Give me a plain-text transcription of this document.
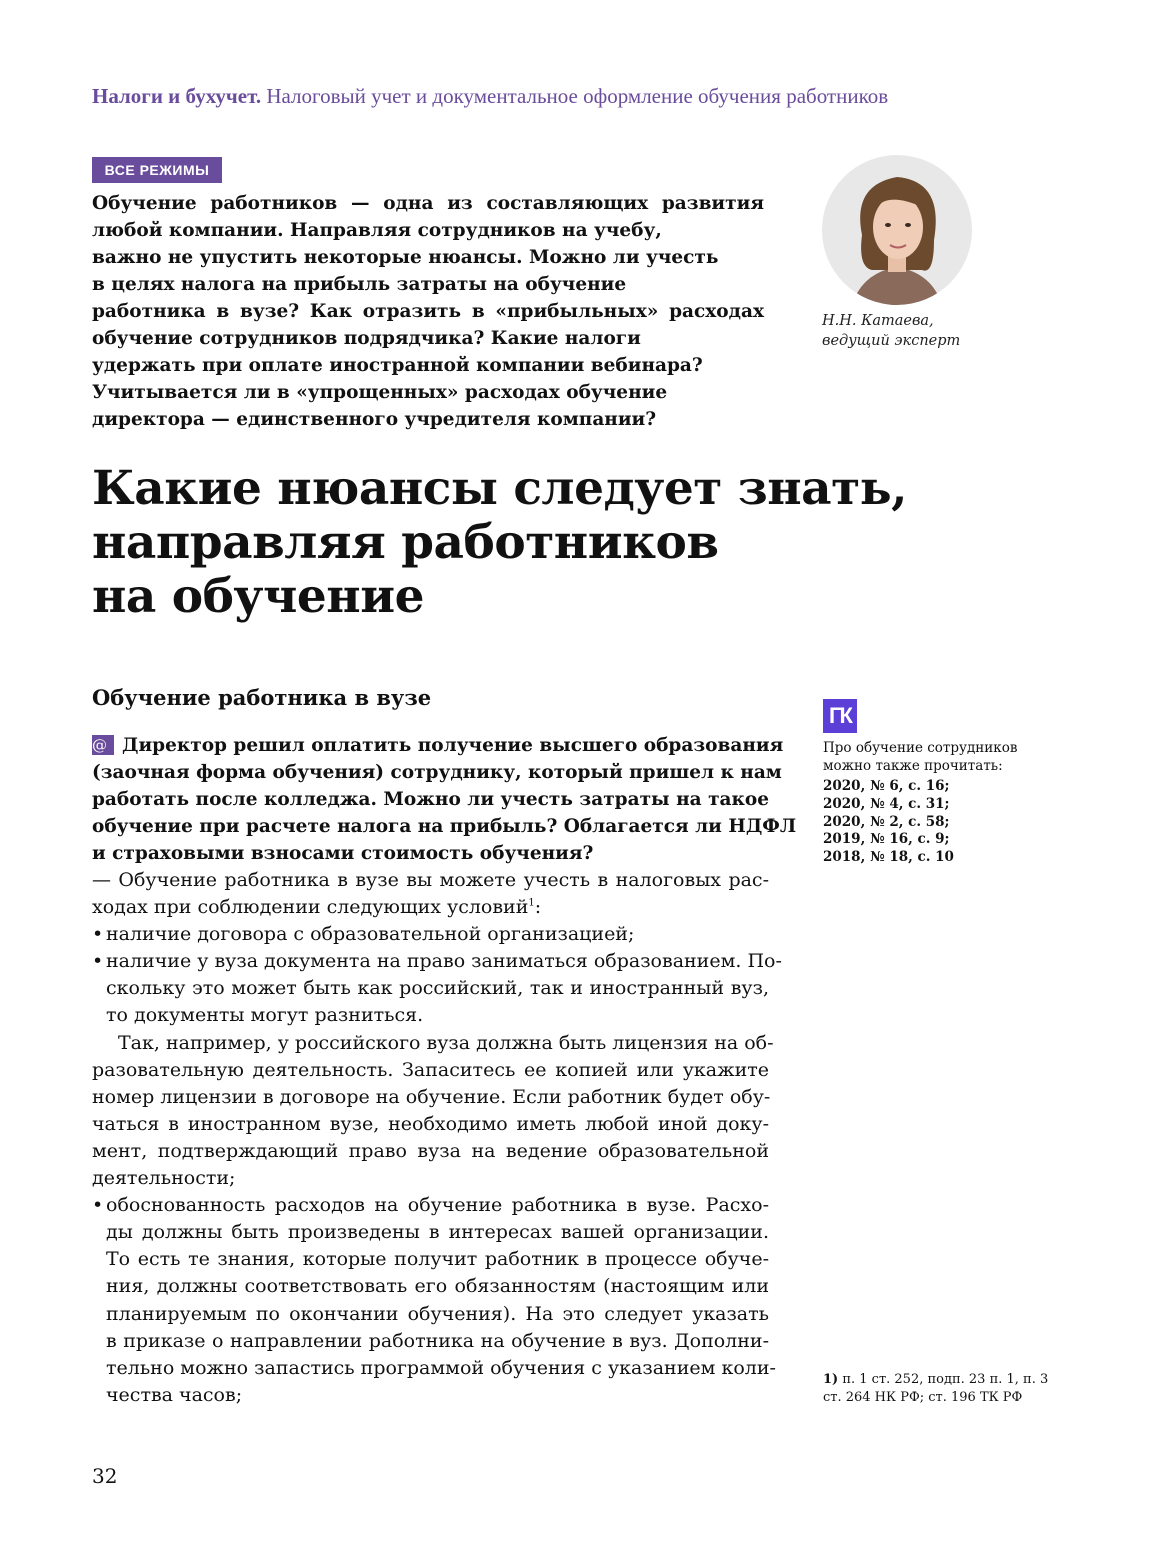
Налоги и бухучет. Налоговый учет и документальное оформление обучения работников
ВСЕ РЕЖИМЫ
Обучение работников — одна из составляющих развития
любой компании. Направляя сотрудников на учебу,
важно не упустить некоторые нюансы. Можно ли учесть
в целях налога на прибыль затраты на обучение
работника в вузе? Как отразить в «прибыльных» расходах
обучение сотрудников подрядчика? Какие налоги
удержать при оплате иностранной компании вебинара?
Учитывается ли в «упрощенных» расходах обучение
директора — единственного учредителя компании?
Н.Н. Катаева,
ведущий эксперт
Какие нюансы следует знать,
направляя работников
на обучение
Обучение работника в вузе
@ Директор решил оплатить получение высшего образования
(заочная форма обучения) сотруднику, который пришел к нам
работать после колледжа. Можно ли учесть затраты на такое
обучение при расчете налога на прибыль? Облагается ли НДФЛ
и страховыми взносами стоимость обучения?
— Обучение работника в вузе вы можете учесть в налоговых рас-
ходах при соблюдении следующих условий$^1$:
• наличие договора с образовательной организацией;
• наличие у вуза документа на право заниматься образованием. По-
скольку это может быть как российский, так и иностранный вуз,
то документы могут разниться.
Так, например, у российского вуза должна быть лицензия на об-
разовательную деятельность. Запаситесь ее копией или укажите
номер лицензии в договоре на обучение. Если работник будет обу-
чаться в иностранном вузе, необходимо иметь любой иной доку-
мент, подтверждающий право вуза на ведение образовательной
деятельности;
• обоснованность расходов на обучение работника в вузе. Расхо-
ды должны быть произведены в интересах вашей организации.
То есть те знания, которые получит работник в процессе обуче-
ния, должны соответствовать его обязанностям (настоящим или
планируемым по окончании обучения). На это следует указать
в приказе о направлении работника на обучение в вуз. Дополни-
тельно можно запастись программой обучения с указанием коли-
чества часов;
ГК
Про обучение сотрудников
можно также прочитать:
2020, № 6, с. 16;
2020, № 4, с. 31;
2020, № 2, с. 58;
2019, № 16, с. 9;
2018, № 18, с. 10
1) п. 1 ст. 252, подп. 23 п. 1, п. 3
ст. 264 НК РФ; ст. 196 ТК РФ
32
